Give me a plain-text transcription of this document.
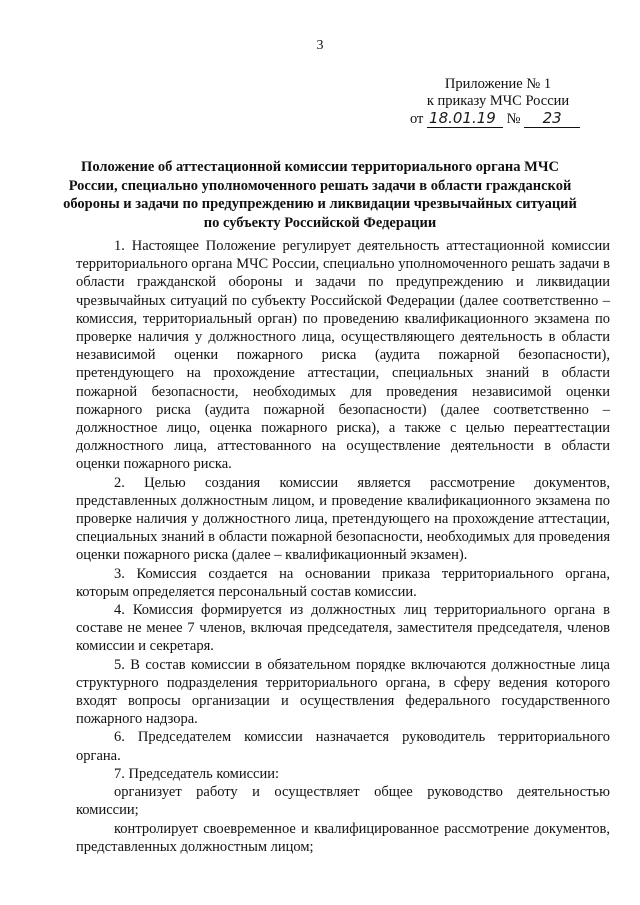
3
Приложение № 1
к приказу МЧС России
от 18.01.19 № 23
Положение об аттестационной комиссии территориального органа МЧС России, специально уполномоченного решать задачи в области гражданской обороны и задачи по предупреждению и ликвидации чрезвычайных ситуаций по субъекту Российской Федерации

1. Настоящее Положение регулирует деятельность аттестационной комиссии территориального органа МЧС России, специально уполномоченного решать задачи в области гражданской обороны и задачи по предупреждению и ликвидации чрезвычайных ситуаций по субъекту Российской Федерации (далее соответственно – комиссия, территориальный орган) по проведению квалификационного экзамена по проверке наличия у должностного лица, осуществляющего деятельность в области независимой оценки пожарного риска (аудита пожарной безопасности), претендующего на прохождение аттестации, специальных знаний в области пожарной безопасности, необходимых для проведения независимой оценки пожарного риска (аудита пожарной безопасности) (далее соответственно – должностное лицо, оценка пожарного риска), а также с целью переаттестации должностного лица, аттестованного на осуществление деятельности в области оценки пожарного риска.

2. Целью создания комиссии является рассмотрение документов, представленных должностным лицом, и проведение квалификационного экзамена по проверке наличия у должностного лица, претендующего на прохождение аттестации, специальных знаний в области пожарной безопасности, необходимых для проведения оценки пожарного риска (далее – квалификационный экзамен).

3. Комиссия создается на основании приказа территориального органа, которым определяется персональный состав комиссии.

4. Комиссия формируется из должностных лиц территориального органа в составе не менее 7 членов, включая председателя, заместителя председателя, членов комиссии и секретаря.

5. В состав комиссии в обязательном порядке включаются должностные лица структурного подразделения территориального органа, в сферу ведения которого входят вопросы организации и осуществления федерального государственного пожарного надзора.

6. Председателем комиссии назначается руководитель территориального органа.

7. Председатель комиссии:

организует работу и осуществляет общее руководство деятельностью комиссии;

контролирует своевременное и квалифицированное рассмотрение документов, представленных должностным лицом;
